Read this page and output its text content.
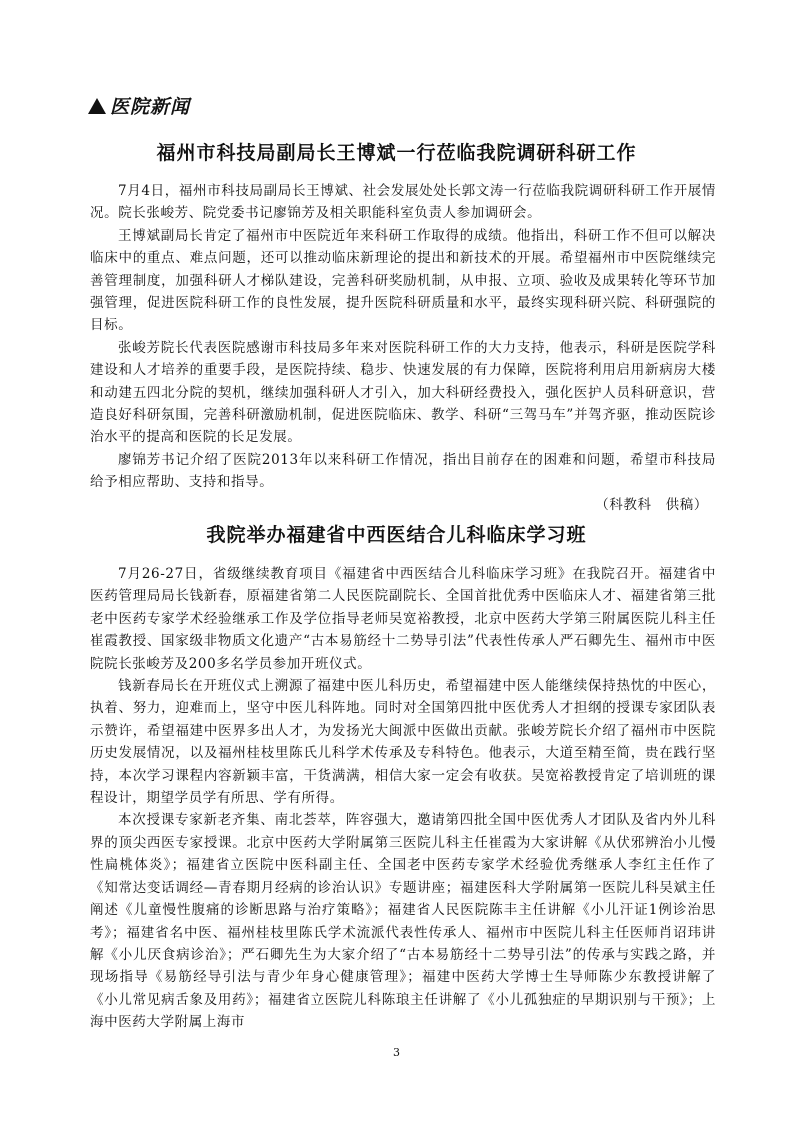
医院新闻
福州市科技局副局长王博斌一行莅临我院调研科研工作

7月4日，福州市科技局副局长王博斌、社会发展处处长郭文涛一行莅临我院调研科研工作开展情况。院长张峻芳、院党委书记廖锦芳及相关职能科室负责人参加调研会。

王博斌副局长肯定了福州市中医院近年来科研工作取得的成绩。他指出，科研工作不但可以解决临床中的重点、难点问题，还可以推动临床新理论的提出和新技术的开展。希望福州市中医院继续完善管理制度，加强科研人才梯队建设，完善科研奖励机制，从申报、立项、验收及成果转化等环节加强管理，促进医院科研工作的良性发展，提升医院科研质量和水平，最终实现科研兴院、科研强院的目标。

张峻芳院长代表医院感谢市科技局多年来对医院科研工作的大力支持，他表示，科研是医院学科建设和人才培养的重要手段，是医院持续、稳步、快速发展的有力保障，医院将利用启用新病房大楼和动建五四北分院的契机，继续加强科研人才引入，加大科研经费投入，强化医护人员科研意识，营造良好科研氛围，完善科研激励机制，促进医院临床、教学、科研“三驾马车”并驾齐驱，推动医院诊治水平的提高和医院的长足发展。

廖锦芳书记介绍了医院2013年以来科研工作情况，指出目前存在的困难和问题，希望市科技局给予相应帮助、支持和指导。

（科教科　供稿）
我院举办福建省中西医结合儿科临床学习班

7月26-27日，省级继续教育项目《福建省中西医结合儿科临床学习班》在我院召开。福建省中医药管理局局长钱新春，原福建省第二人民医院副院长、全国首批优秀中医临床人才、福建省第三批老中医药专家学术经验继承工作及学位指导老师吴宽裕教授，北京中医药大学第三附属医院儿科主任崔霞教授、国家级非物质文化遗产“古本易筋经十二势导引法”代表性传承人严石卿先生、福州市中医院院长张峻芳及200多名学员参加开班仪式。

钱新春局长在开班仪式上溯源了福建中医儿科历史，希望福建中医人能继续保持热忱的中医心，执着、努力，迎难而上，坚守中医儿科阵地。同时对全国第四批中医优秀人才担纲的授课专家团队表示赞许，希望福建中医界多出人才，为发扬光大闽派中医做出贡献。张峻芳院长介绍了福州市中医院历史发展情况，以及福州桂枝里陈氏儿科学术传承及专科特色。他表示，大道至精至简，贵在践行坚持，本次学习课程内容新颖丰富，干货满满，相信大家一定会有收获。吴宽裕教授肯定了培训班的课程设计，期望学员学有所思、学有所得。

本次授课专家新老齐集、南北荟萃，阵容强大，邀请第四批全国中医优秀人才团队及省内外儿科界的顶尖西医专家授课。北京中医药大学附属第三医院儿科主任崔霞为大家讲解《从伏邪辨治小儿慢性扁桃体炎》；福建省立医院中医科副主任、全国老中医药专家学术经验优秀继承人李红主任作了《知常达变话调经—青春期月经病的诊治认识》专题讲座；福建医科大学附属第一医院儿科吴斌主任阐述《儿童慢性腹痛的诊断思路与治疗策略》；福建省人民医院陈丰主任讲解《小儿汗证1例诊治思考》；福建省名中医、福州桂枝里陈氏学术流派代表性传承人、福州市中医院儿科主任医师肖诏玮讲解《小儿厌食病诊治》；严石卿先生为大家介绍了“古本易筋经十二势导引法”的传承与实践之路，并现场指导《易筋经导引法与青少年身心健康管理》；福建中医药大学博士生导师陈少东教授讲解了《小儿常见病舌象及用药》；福建省立医院儿科陈琅主任讲解了《小儿孤独症的早期识别与干预》；上海中医药大学附属上海市

3
